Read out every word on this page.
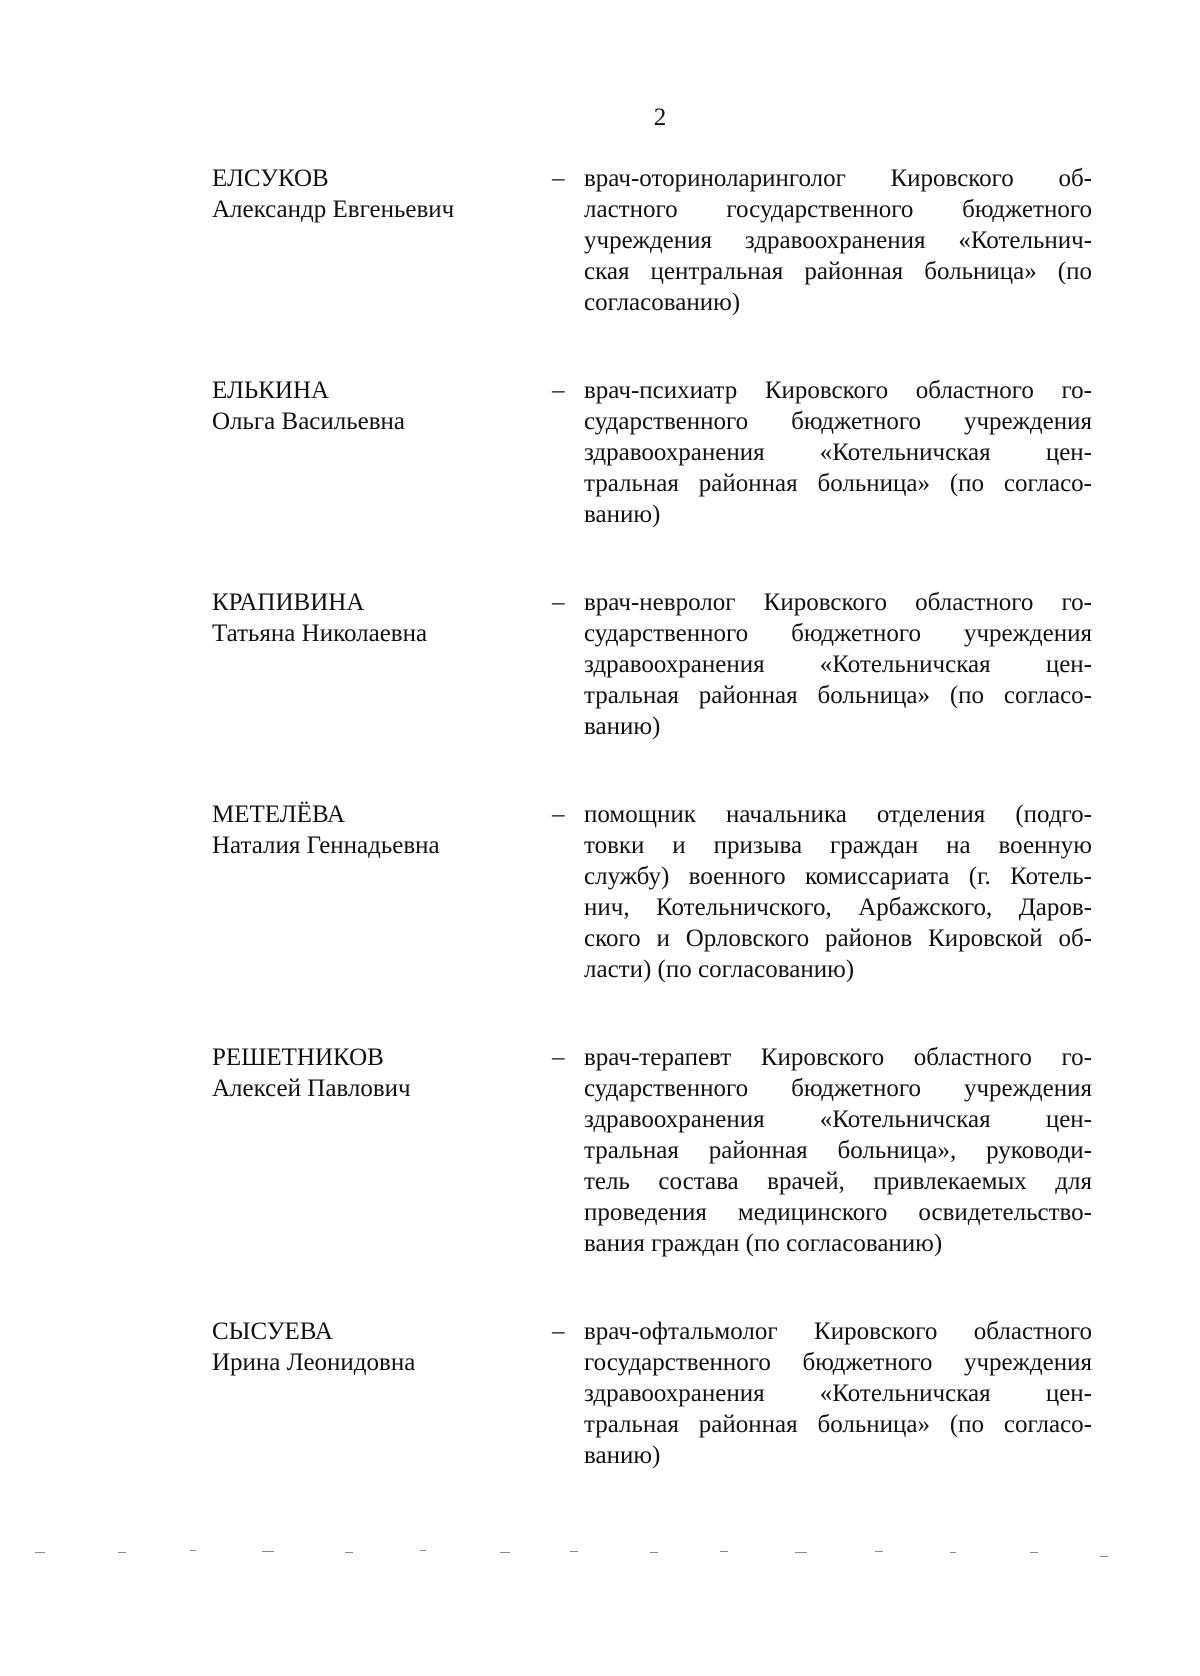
2
ЕЛСУКОВ
Александр Евгеньевич
– врач-оториноларинголог Кировского об-
ластного государственного бюджетного
учреждения здравоохранения «Котельнич-
ская центральная районная больница» (по
согласованию)
ЕЛЬКИНА
Ольга Васильевна
– врач-психиатр Кировского областного го-
сударственного бюджетного учреждения
здравоохранения «Котельничская цен-
тральная районная больница» (по согласо-
ванию)
КРАПИВИНА
Татьяна Николаевна
– врач-невролог Кировского областного го-
сударственного бюджетного учреждения
здравоохранения «Котельничская цен-
тральная районная больница» (по согласо-
ванию)
МЕТЕЛЁВА
Наталия Геннадьевна
– помощник начальника отделения (подго-
товки и призыва граждан на военную
службу) военного комиссариата (г. Котель-
нич, Котельничского, Арбажского, Даров-
ского и Орловского районов Кировской об-
ласти) (по согласованию)
РЕШЕТНИКОВ
Алексей Павлович
– врач-терапевт Кировского областного го-
сударственного бюджетного учреждения
здравоохранения «Котельничская цен-
тральная районная больница», руководи-
тель состава врачей, привлекаемых для
проведения медицинского освидетельство-
вания граждан (по согласованию)
СЫСУЕВА
Ирина Леонидовна
– врач-офтальмолог Кировского областного
государственного бюджетного учреждения
здравоохранения «Котельничская цен-
тральная районная больница» (по согласо-
ванию)
